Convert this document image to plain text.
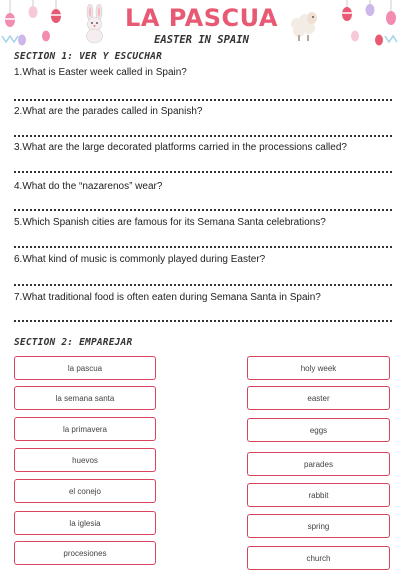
LA PASCUA
EASTER IN SPAIN
SECTION 1: VER Y ESCUCHAR
1.What is Easter week called in Spain?
2.What are the parades called in Spanish?
3.What are the large decorated platforms carried in the processions called?
4.What do the “nazarenos” wear?
5.Which Spanish cities are famous for its Semana Santa celebrations?
6.What kind of music is commonly played during Easter?
7.What traditional food is often eaten during Semana Santa in Spain?
SECTION 2: EMPAREJAR
la pascua
la semana santa
la primavera
huevos
el conejo
la iglesia
procesiones
holy week
easter
eggs
parades
rabbit
spring
church
